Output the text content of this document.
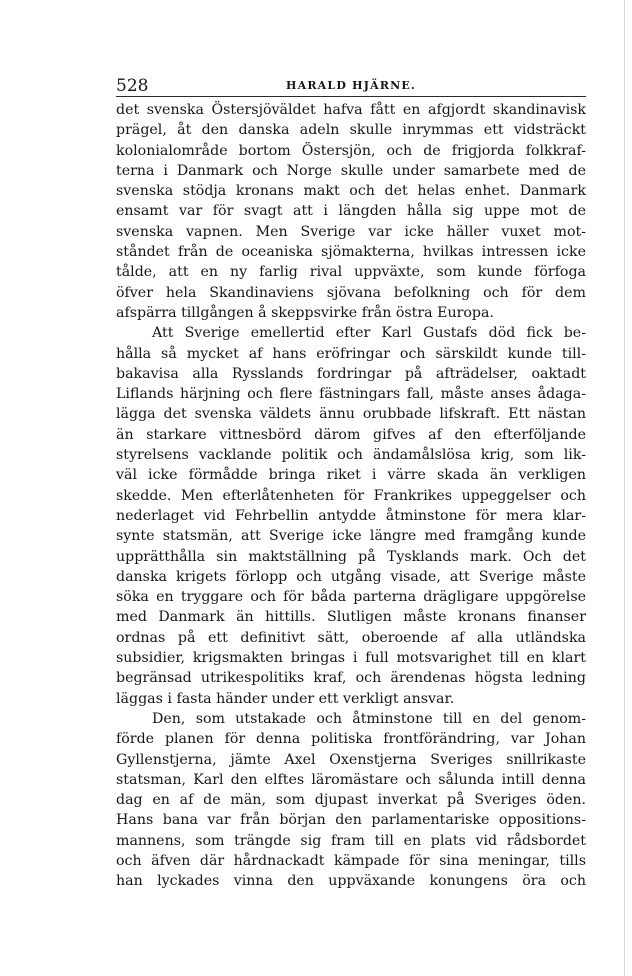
528	HARALD HJÄRNE.
det svenska Östersjöväldet hafva fått en afgjordt skandinavisk
prägel, åt den danska adeln skulle inrymmas ett vidsträckt
kolonialområde bortom Östersjön, och de frigjorda folkkraf-
terna i Danmark och Norge skulle under samarbete med de
svenska stödja kronans makt och det helas enhet. Danmark
ensamt var för svagt att i längden hålla sig uppe mot de
svenska vapnen. Men Sverige var icke häller vuxet mot-
ståndet från de oceaniska sjömakterna, hvilkas intressen icke
tålde, att en ny farlig rival uppväxte, som kunde förfoga
öfver hela Skandinaviens sjövana befolkning och för dem
afspärra tillgången å skeppsvirke från östra Europa.
Att Sverige emellertid efter Karl Gustafs död fick be-
hålla så mycket af hans eröfringar och särskildt kunde till-
bakavisa alla Rysslands fordringar på afträdelser, oaktadt
Liflands härjning och flere fästningars fall, måste anses ådaga-
lägga det svenska väldets ännu orubbade lifskraft. Ett nästan
än starkare vittnesbörd därom gifves af den efterföljande
styrelsens vacklande politik och ändamålslösa krig, som lik-
väl icke förmådde bringa riket i värre skada än verkligen
skedde. Men efterlåtenheten för Frankrikes uppeggelser och
nederlaget vid Fehrbellin antydde åtminstone för mera klar-
synte statsmän, att Sverige icke längre med framgång kunde
upprätthålla sin maktställning på Tysklands mark. Och det
danska krigets förlopp och utgång visade, att Sverige måste
söka en tryggare och för båda parterna drägligare uppgörelse
med Danmark än hittills. Slutligen måste kronans finanser
ordnas på ett definitivt sätt, oberoende af alla utländska
subsidier, krigsmakten bringas i full motsvarighet till en klart
begränsad utrikespolitiks kraf, och ärendenas högsta ledning
läggas i fasta händer under ett verkligt ansvar.
Den, som utstakade och åtminstone till en del genom-
förde planen för denna politiska frontförändring, var Johan
Gyllenstjerna, jämte Axel Oxenstjerna Sveriges snillrikaste
statsman, Karl den elftes läromästare och sålunda intill denna
dag en af de män, som djupast inverkat på Sveriges öden.
Hans bana var från början den parlamentariske oppositions-
mannens, som trängde sig fram till en plats vid rådsbordet
och äfven där hårdnackadt kämpade för sina meningar, tills
han lyckades vinna den uppväxande konungens öra och
